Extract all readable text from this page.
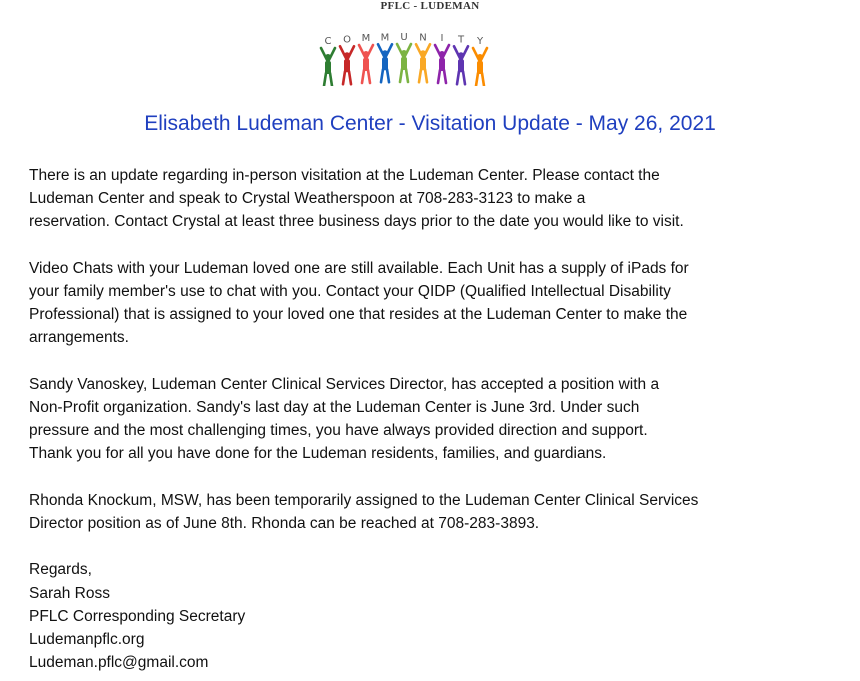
PFLC - LUDEMAN
C O M M U N I T Y
Elisabeth Ludeman Center - Visitation Update - May 26, 2021

There is an update regarding in-person visitation at the Ludeman Center. Please contact the
Ludeman Center and speak to Crystal Weatherspoon at 708-283-3123 to make a
reservation. Contact Crystal at least three business days prior to the date you would like to visit.

Video Chats with your Ludeman loved one are still available. Each Unit has a supply of iPads for
your family member's use to chat with you. Contact your QIDP (Qualified Intellectual Disability
Professional) that is assigned to your loved one that resides at the Ludeman Center to make the
arrangements.

Sandy Vanoskey, Ludeman Center Clinical Services Director, has accepted a position with a
Non-Profit organization. Sandy's last day at the Ludeman Center is June 3rd. Under such
pressure and the most challenging times, you have always provided direction and support.
Thank you for all you have done for the Ludeman residents, families, and guardians.

Rhonda Knockum, MSW, has been temporarily assigned to the Ludeman Center Clinical Services
Director position as of June 8th. Rhonda can be reached at 708-283-3893.

Regards,

Sarah Ross

PFLC Corresponding Secretary

Ludemanpflc.org

Ludeman.pflc@gmail.com
